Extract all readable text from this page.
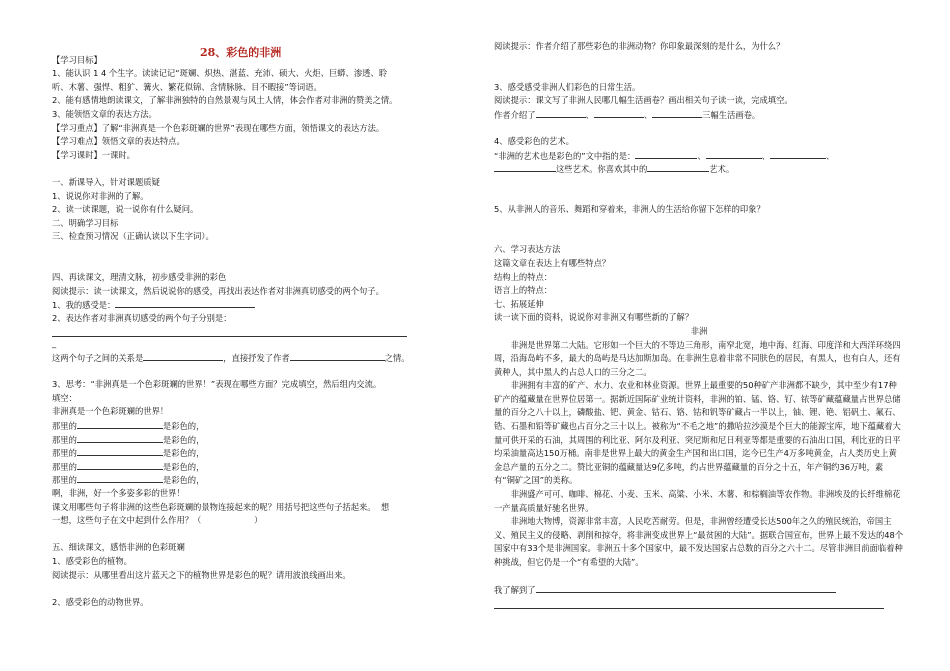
28、彩色的非洲
【学习目标】
1、能认识 1 4 个生字。读读记记“斑斓、炽热、湛蓝、充沛、硕大、火炬、巨蟒、渗透、聆
听、木薯、强悍、粗犷、篝火、繁花似锦、含情脉脉、目不暇接”等词语。
2、能有感情地朗读课文，了解非洲独特的自然景观与风土人情，体会作者对非洲的赞美之情。
3、能领悟文章的表达方法。
【学习重点】了解“非洲真是一个色彩斑斓的世界”表现在哪些方面，领悟课文的表达方法。
【学习难点】领悟文章的表达特点。
【学习课时】一课时。
一、新课导入，针对课题质疑
1、说说你对非洲的了解。
2、读一读课题，说一说你有什么疑问。
二、明确学习目标
三、检查预习情况（正确认读以下生字词）。

四、再读课文，理清文脉，初步感受非洲的彩色
阅读提示：读一读课文，然后说说你的感受，再找出表达作者对非洲真切感受的两个句子。
1、我的感受是：
2、表达作者对非洲真切感受的两个句子分别是：
_
这两个句子之间的关系是	，直接抒发了作者	之情。
3、思考：“非洲真是一个色彩斑斓的世界！”表现在哪些方面？完成填空，然后组内交流。
填空：
非洲真是一个色彩斑斓的世界！
那里的	是彩色的，
那里的	是彩色的，
那里的	是彩色的，
那里的	是彩色的，
那里的	是彩色的，
啊，非洲，好一个多姿多彩的世界！
课文用哪些句子将非洲的这些色彩斑斓的景物连接起来的呢？用括号把这些句子括起来。  想
一想，这些句子在文中起到什么作用？（                    ）
五、细读课文，感悟非洲的色彩斑斓
1、感受彩色的植物。
阅读提示：从哪里看出这片蓝天之下的植物世界是彩色的呢？请用波浪线画出来。
2、感受彩色的动物世界。
阅读提示：作者介绍了那些彩色的非洲动物？你印象最深刻的是什么，为什么？
3、感受感受非洲人们彩色的日常生活。
阅读提示：课文写了非洲人民哪几幅生活画卷？画出相关句子读一读，完成填空。
作者介绍了	、	、	三幅生活画卷。
4、感受彩色的艺术。
“非洲的艺术也是彩色的”文中指的是：	、	、	、
这些艺术。你喜欢其中的	艺术。
5、从非洲人的音乐、舞蹈和穿着来，非洲人的生活给你留下怎样的印象？
六、学习表达方法
这篇文章在表达上有哪些特点？
结构上的特点：
语言上的特点：
七、拓展延伸
读一读下面的资料，说说你对非洲又有哪些新的了解？
非洲
非洲是世界第二大陆。它形如一个巨大的不等边三角形，南窄北宽，地中海、红海、印度洋和大西洋环绕四周，沿海岛屿不多，最大的岛屿是马达加斯加岛。在非洲生息着非常不同肤色的居民，有黑人，也有白人，还有黄种人，其中黑人约占总人口的三分之二。
非洲拥有丰富的矿产、水力、农业和林业资源。世界上最重要的50种矿产非洲都不缺少，其中至少有17种矿产的蕴藏量在世界位居第一。据新近国际矿业统计资料，非洲的铂、锰、铬、钌、铱等矿藏蕴藏量占世界总储量的百分之八十以上，磷酸盐、钯、黄金、钴石、铬、钴和钒等矿藏占一半以上，铀、锂、铯、铝矾土、氟石、锆、石墨和铅等矿藏也占百分之三十以上。被称为“不毛之地”的撒哈拉沙漠是个巨大的能源宝库，地下蕴藏着大量可供开采的石油，其周围的利比亚、阿尔及利亚、突尼斯和尼日利亚等都是重要的石油出口国，利比亚的日平均采油量高达150万桶。南非是世界上最大的黄金生产国和出口国，迄今已生产4万多吨黄金，占人类历史上黄金总产量的五分之二。赞比亚铜的蕴藏量达9亿多吨，约占世界蕴藏量的百分之十五，年产铜约36万吨，素有“铜矿之国”的美称。
非洲盛产可可、咖啡、棉花、小麦、玉米、高粱、小米、木薯、和棕榈油等农作物。非洲埃及的长纤维棉花一产量高质量好驰名世界。
非洲地大物博，资源非常丰富，人民吃苦耐劳。但是，非洲曾经遭受长达500年之久的殖民统治，帝国主义、殖民主义的侵略、剥削和掠夺，将非洲变成世界上“最贫困的大陆”。据联合国宣布，世界上最不发达的48个国家中有33个是非洲国家。非洲五十多个国家中，最不发达国家占总数的百分之六十二。尽管非洲目前面临着种种挑战，但它仍是一个“有希望的大陆”。
我了解到了
